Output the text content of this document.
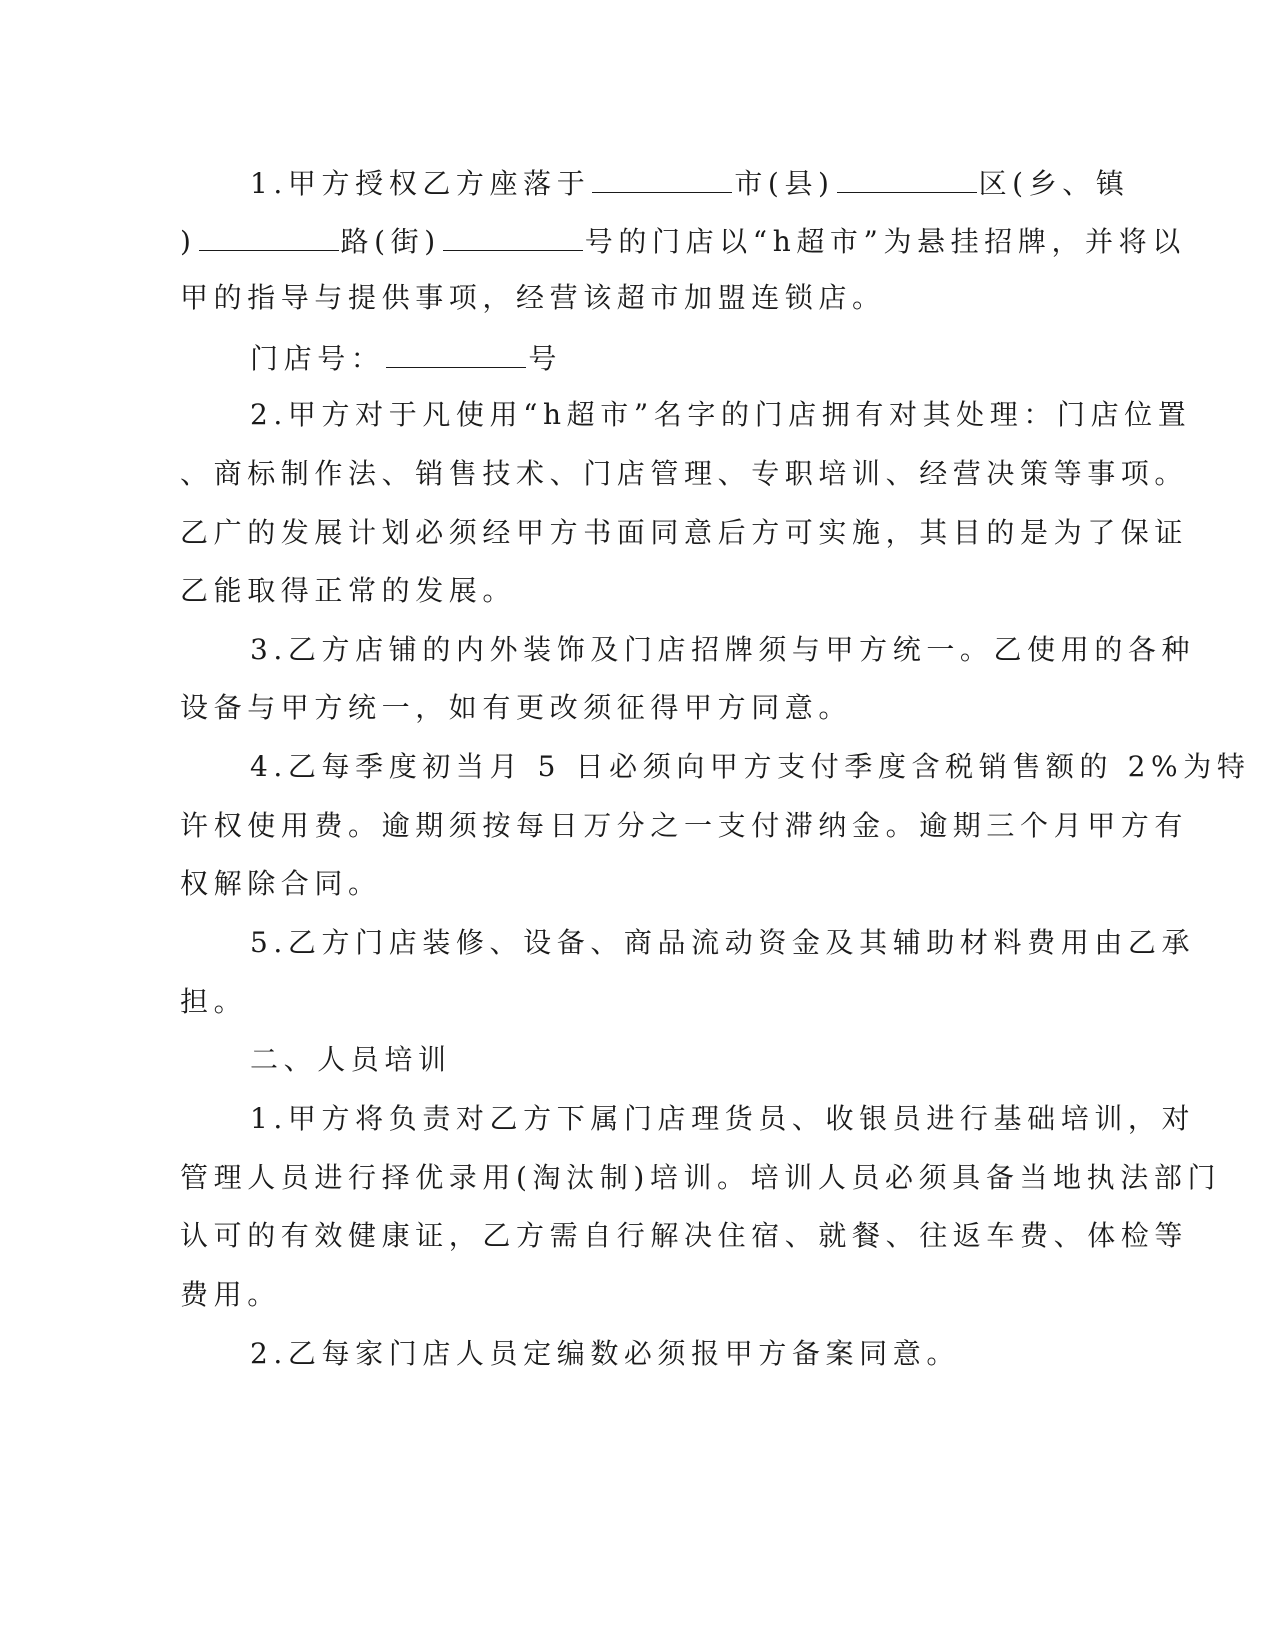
1.甲方授权乙方座落于	市(县)	区(乡、镇
)	路(街)	号的门店以“h超市”为悬挂招牌，并将以
甲的指导与提供事项，经营该超市加盟连锁店。
门店号：	号
2.甲方对于凡使用“h超市”名字的门店拥有对其处理：门店位置
、商标制作法、销售技术、门店管理、专职培训、经营决策等事项。
乙广的发展计划必须经甲方书面同意后方可实施，其目的是为了保证
乙能取得正常的发展。
3.乙方店铺的内外装饰及门店招牌须与甲方统一。乙使用的各种
设备与甲方统一，如有更改须征得甲方同意。
4.乙每季度初当月 5 日必须向甲方支付季度含税销售额的 2%为特
许权使用费。逾期须按每日万分之一支付滞纳金。逾期三个月甲方有
权解除合同。
5.乙方门店装修、设备、商品流动资金及其辅助材料费用由乙承
担。
二、人员培训
1.甲方将负责对乙方下属门店理货员、收银员进行基础培训，对
管理人员进行择优录用(淘汰制)培训。培训人员必须具备当地执法部门
认可的有效健康证，乙方需自行解决住宿、就餐、往返车费、体检等
费用。
2.乙每家门店人员定编数必须报甲方备案同意。
